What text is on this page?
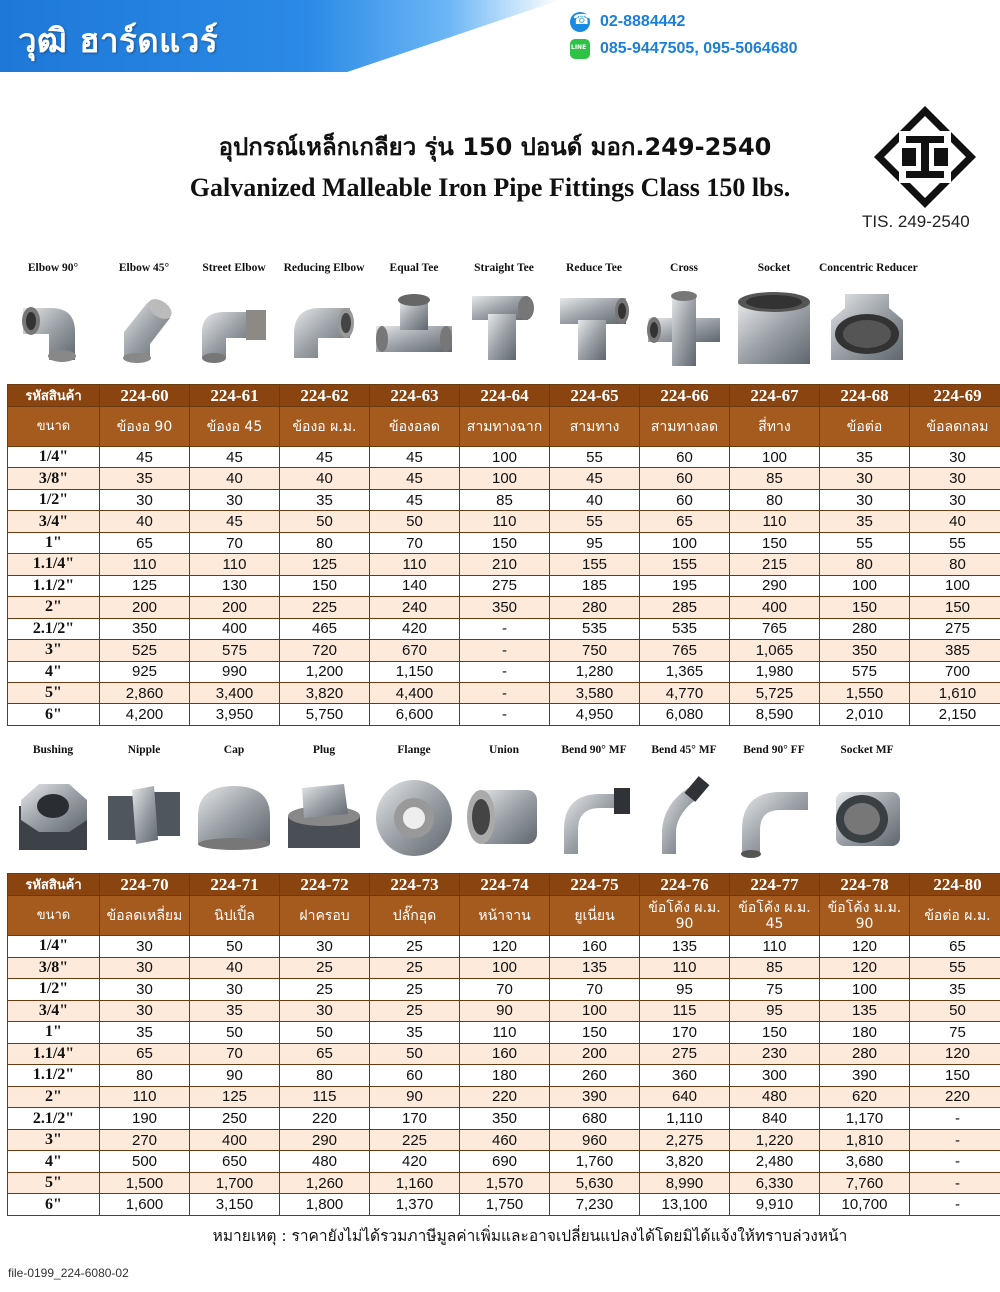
วุฒิ ฮาร์ดแวร์ ☎	02-8884442
LINE
085-9447505, 095-5064680
อุปกรณ์เหล็กเกลียว รุ่น 150 ปอนด์ มอก.249-2540
Galvanized Malleable Iron Pipe Fittings Class 150 lbs.
TIS. 249-2540
Elbow 90°	Elbow 45°	Street Elbow	Reducing Elbow	Equal Tee	Straight Tee	Reduce Tee	Cross	Socket	Concentric Reducer
รหัสสินค้า	224-60	224-61	224-62	224-63	224-64	224-65	224-66	224-67	224-68	224-69
ขนาด	ข้องอ 90	ข้องอ 45	ข้องอ ผ.ม.	ข้องอลด	สามทางฉาก	สามทาง	สามทางลด	สี่ทาง	ข้อต่อ	ข้อลดกลม
1/4"	45	45	45	45	100	55	60	100	35	30
3/8"	35	40	40	45	100	45	60	85	30	30
1/2"	30	30	35	45	85	40	60	80	30	30
3/4"	40	45	50	50	110	55	65	110	35	40
1"	65	70	80	70	150	95	100	150	55	55
1.1/4"	110	110	125	110	210	155	155	215	80	80
1.1/2"	125	130	150	140	275	185	195	290	100	100
2"	200	200	225	240	350	280	285	400	150	150
2.1/2"	350	400	465	420	-	535	535	765	280	275
3"	525	575	720	670	-	750	765	1,065	350	385
4"	925	990	1,200	1,150	-	1,280	1,365	1,980	575	700
5"	2,860	3,400	3,820	4,400	-	3,580	4,770	5,725	1,550	1,610
6"	4,200	3,950	5,750	6,600	-	4,950	6,080	8,590	2,010	2,150
Bushing	Nipple	Cap	Plug	Flange	Union	Bend 90° MF	Bend 45° MF	Bend 90° FF	Socket MF
รหัสสินค้า	224-70	224-71	224-72	224-73	224-74	224-75	224-76	224-77	224-78	224-80
ขนาด	ข้อลดเหลี่ยม	นิปเปิ้ล	ฝาครอบ	ปลั๊กอุด	หน้าจาน	ยูเนี่ยน	ข้อโค้ง ผ.ม. 90	ข้อโค้ง ผ.ม. 45	ข้อโค้ง ม.ม. 90	ข้อต่อ ผ.ม.
1/4"	30	50	30	25	120	160	135	110	120	65
3/8"	30	40	25	25	100	135	110	85	120	55
1/2"	30	30	25	25	70	70	95	75	100	35
3/4"	30	35	30	25	90	100	115	95	135	50
1"	35	50	50	35	110	150	170	150	180	75
1.1/4"	65	70	65	50	160	200	275	230	280	120
1.1/2"	80	90	80	60	180	260	360	300	390	150
2"	110	125	115	90	220	390	640	480	620	220
2.1/2"	190	250	220	170	350	680	1,110	840	1,170	-
3"	270	400	290	225	460	960	2,275	1,220	1,810	-
4"	500	650	480	420	690	1,760	3,820	2,480	3,680	-
5"	1,500	1,700	1,260	1,160	1,570	5,630	8,990	6,330	7,760	-
6"	1,600	3,150	1,800	1,370	1,750	7,230	13,100	9,910	10,700	-
หมายเหตุ : ราคายังไม่ได้รวมภาษีมูลค่าเพิ่มและอาจเปลี่ยนแปลงได้โดยมิได้แจ้งให้ทราบล่วงหน้า
file-0199_224-6080-02
